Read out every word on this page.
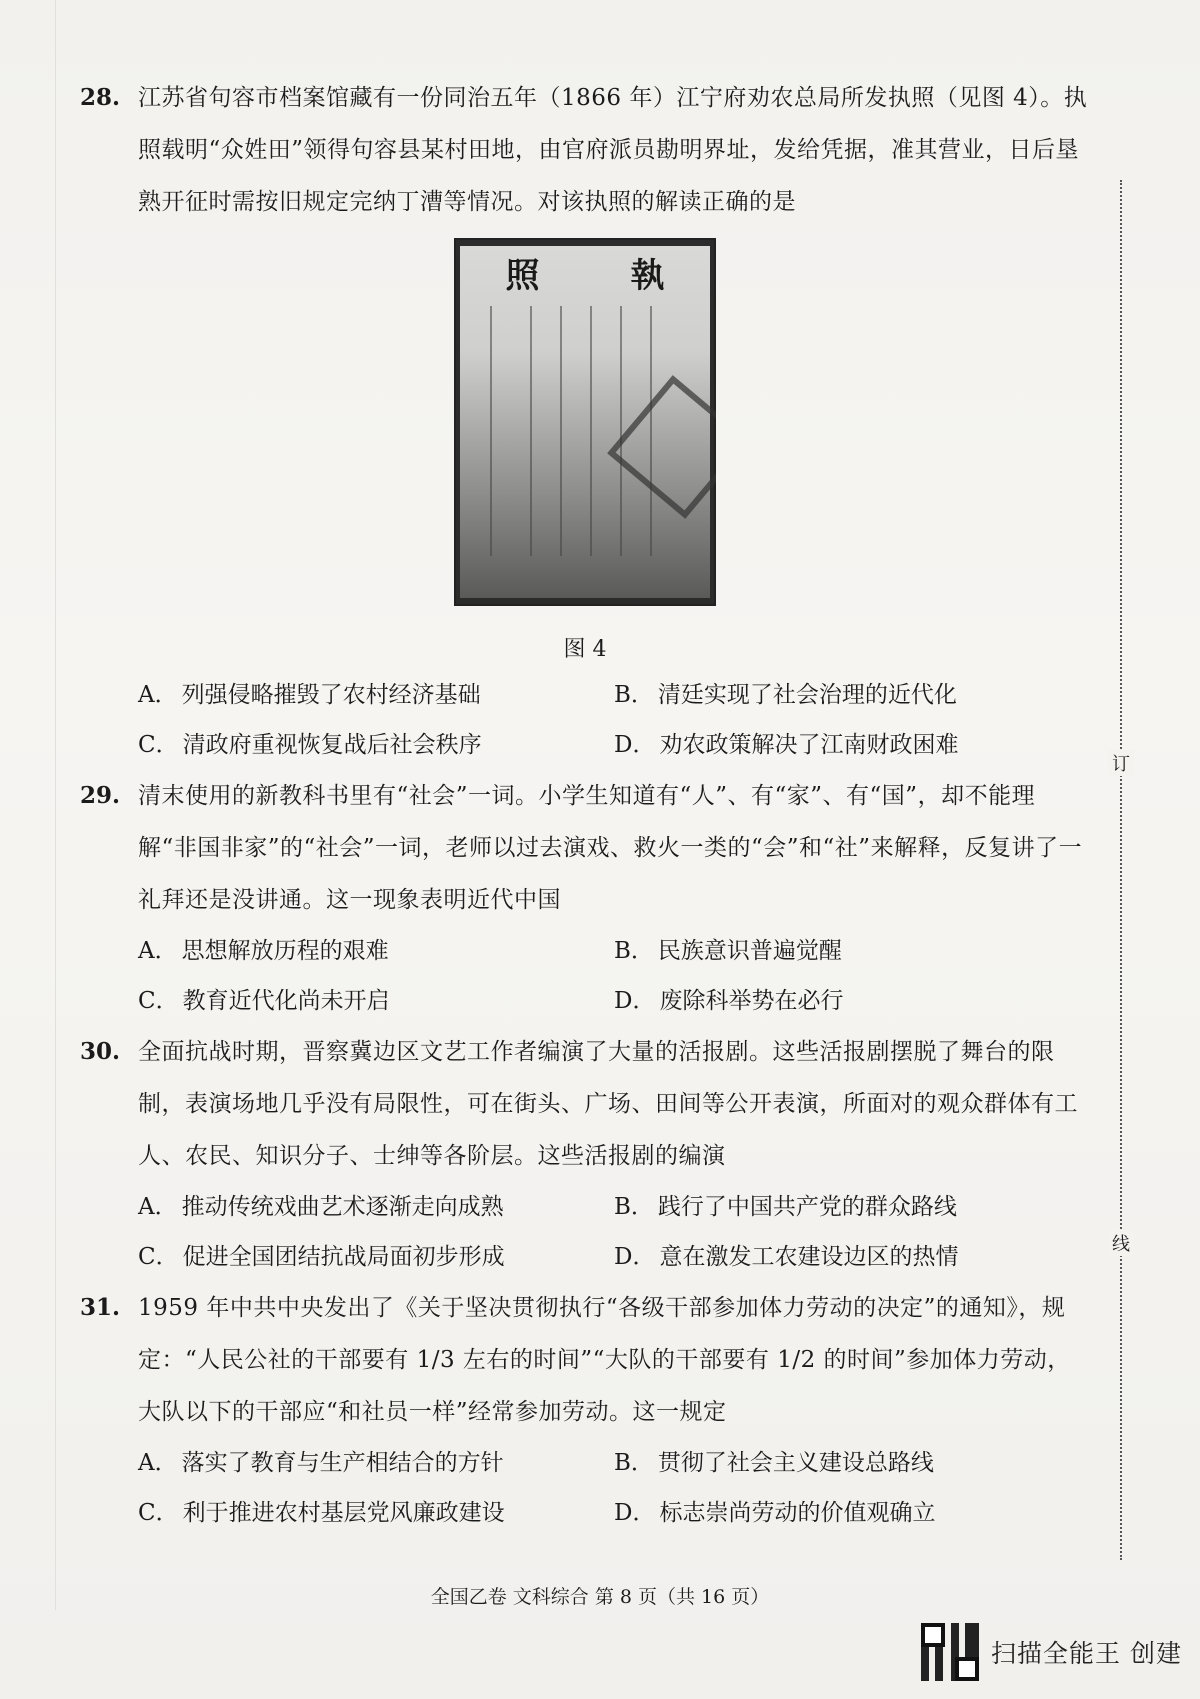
28. 江苏省句容市档案馆藏有一份同治五年（1866 年）江宁府劝农总局所发执照（见图 4）。执照载明“众姓田”领得句容县某村田地，由官府派员勘明界址，发给凭据，准其营业，日后垦熟开征时需按旧规定完纳丁漕等情况。对该执照的解读正确的是
照	執
图 4
A． 列强侵略摧毁了农村经济基础	B． 清廷实现了社会治理的近代化
C． 清政府重视恢复战后社会秩序	D． 劝农政策解决了江南财政困难
29. 清末使用的新教科书里有“社会”一词。小学生知道有“人”、有“家”、有“国”，却不能理解“非国非家”的“社会”一词，老师以过去演戏、救火一类的“会”和“社”来解释，反复讲了一礼拜还是没讲通。这一现象表明近代中国
A． 思想解放历程的艰难	B． 民族意识普遍觉醒
C． 教育近代化尚未开启	D． 废除科举势在必行
30. 全面抗战时期，晋察冀边区文艺工作者编演了大量的活报剧。这些活报剧摆脱了舞台的限制，表演场地几乎没有局限性，可在街头、广场、田间等公开表演，所面对的观众群体有工人、农民、知识分子、士绅等各阶层。这些活报剧的编演
A． 推动传统戏曲艺术逐渐走向成熟	B． 践行了中国共产党的群众路线
C． 促进全国团结抗战局面初步形成	D． 意在激发工农建设边区的热情
31. 1959 年中共中央发出了《关于坚决贯彻执行“各级干部参加体力劳动的决定”的通知》，规定：“人民公社的干部要有 1/3 左右的时间”“大队的干部要有 1/2 的时间”参加体力劳动，大队以下的干部应“和社员一样”经常参加劳动。这一规定
A． 落实了教育与生产相结合的方针	B． 贯彻了社会主义建设总路线
C． 利于推进农村基层党风廉政建设	D． 标志崇尚劳动的价值观确立
订
线
全国乙卷 文科综合 第 8 页（共 16 页）
扫描全能王 创建
